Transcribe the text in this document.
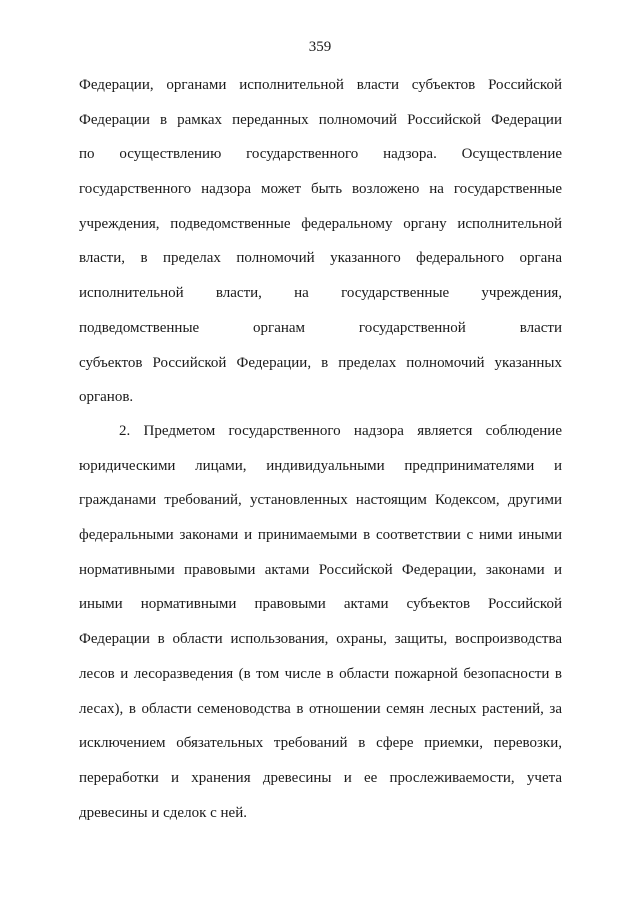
359
Федерации, органами исполнительной власти субъектов Российской
Федерации в рамках переданных полномочий Российской Федерации
по осуществлению государственного надзора. Осуществление
государственного надзора может быть возложено на государственные
учреждения, подведомственные федеральному органу исполнительной
власти, в пределах полномочий указанного федерального органа
исполнительной власти, на государственные учреждения,
подведомственные органам государственной власти
субъектов Российской Федерации, в пределах полномочий указанных
органов.
2. Предметом государственного надзора является соблюдение
юридическими лицами, индивидуальными предпринимателями и
гражданами требований, установленных настоящим Кодексом, другими
федеральными законами и принимаемыми в соответствии с ними иными
нормативными правовыми актами Российской Федерации, законами и
иными нормативными правовыми актами субъектов Российской
Федерации в области использования, охраны, защиты, воспроизводства
лесов и лесоразведения (в том числе в области пожарной безопасности в
лесах), в области семеноводства в отношении семян лесных растений, за
исключением обязательных требований в сфере приемки, перевозки,
переработки и хранения древесины и ее прослеживаемости, учета
древесины и сделок с ней.
